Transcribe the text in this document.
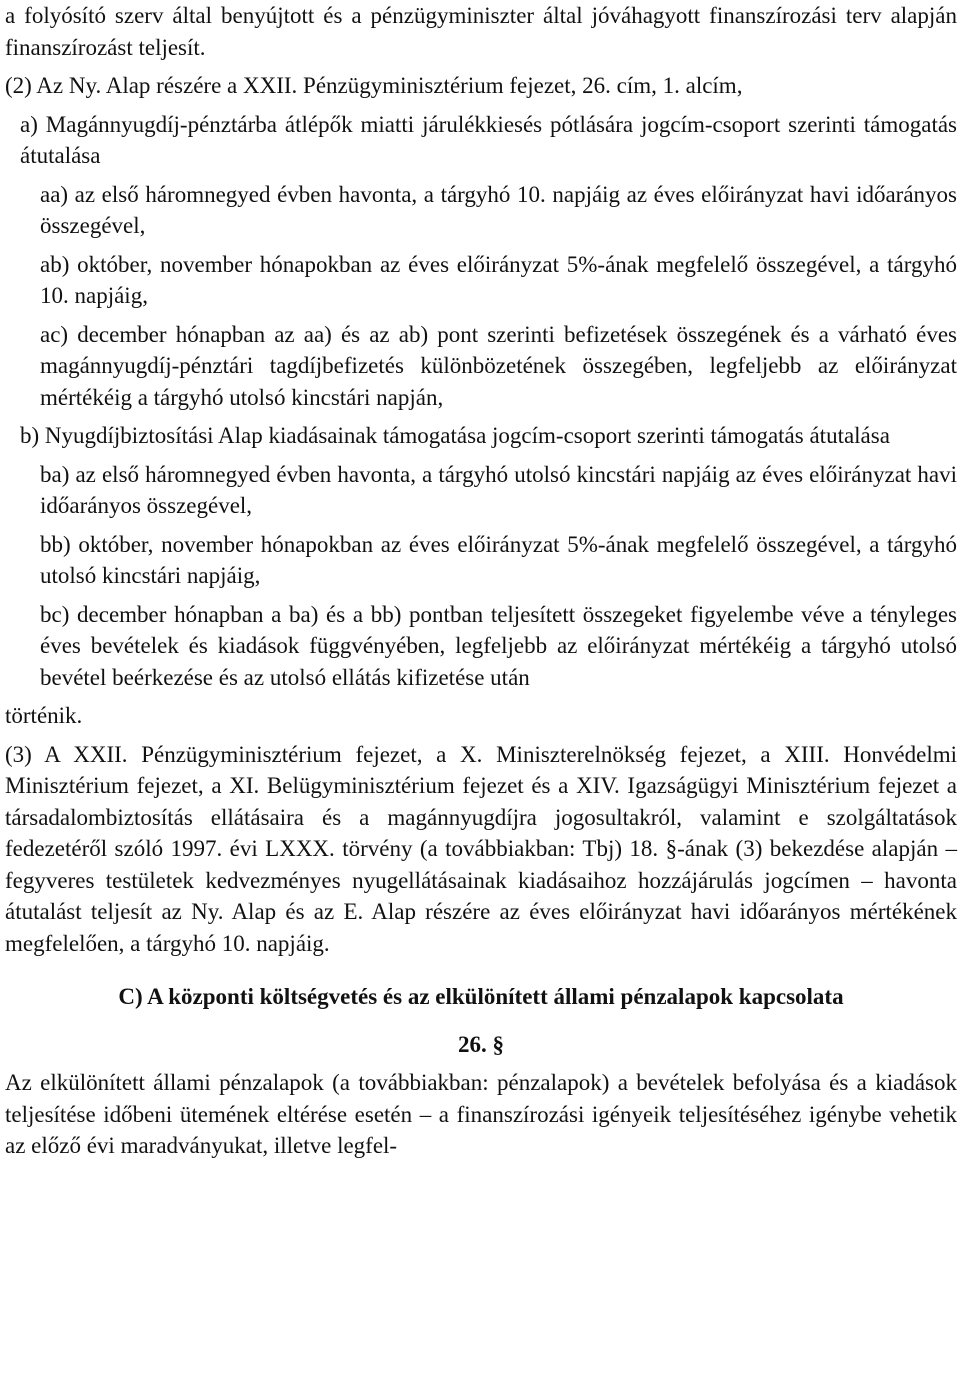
a folyósító szerv által benyújtott és a pénzügyminiszter által jóváhagyott finanszírozási terv alapján finanszírozást teljesít.

(2) Az Ny. Alap részére a XXII. Pénzügyminisztérium fejezet, 26. cím, 1. alcím,

a) Magánnyugdíj-pénztárba átlépők miatti járulékkiesés pótlására jogcím-csoport szerinti támogatás átutalása

aa) az első háromnegyed évben havonta, a tárgyhó 10. napjáig az éves előirányzat havi időarányos összegével,

ab) október, november hónapokban az éves előirányzat 5%-ának megfelelő összegével, a tárgyhó 10. napjáig,

ac) december hónapban az aa) és az ab) pont szerinti befizetések összegének és a várható éves magánnyugdíj-pénztári tagdíjbefizetés különbözetének összegében, legfeljebb az előirányzat mértékéig a tárgyhó utolsó kincstári napján,

b) Nyugdíjbiztosítási Alap kiadásainak támogatása jogcím-csoport szerinti támogatás átutalása

ba) az első háromnegyed évben havonta, a tárgyhó utolsó kincstári napjáig az éves előirányzat havi időarányos összegével,

bb) október, november hónapokban az éves előirányzat 5%-ának megfelelő összegével, a tárgyhó utolsó kincstári napjáig,

bc) december hónapban a ba) és a bb) pontban teljesített összegeket figyelembe véve a tényleges éves bevételek és kiadások függvényében, legfeljebb az előirányzat mértékéig a tárgyhó utolsó bevétel beérkezése és az utolsó ellátás kifizetése után

történik.

(3) A XXII. Pénzügyminisztérium fejezet, a X. Miniszterelnökség fejezet, a XIII. Honvédelmi Minisztérium fejezet, a XI. Belügyminisztérium fejezet és a XIV. Igazságügyi Minisztérium fejezet a társadalombiztosítás ellátásaira és a magánnyugdíjra jogosultakról, valamint e szolgáltatások fedezetéről szóló 1997. évi LXXX. törvény (a továbbiakban: Tbj) 18. §-ának (3) bekezdése alapján – fegyveres testületek kedvezményes nyugellátásainak kiadásaihoz hozzájárulás jogcímen – havonta átutalást teljesít az Ny. Alap és az E. Alap részére az éves előirányzat havi időarányos mértékének megfelelően, a tárgyhó 10. napjáig.

C) A központi költségvetés és az elkülönített állami pénzalapok kapcsolata

26. §

Az elkülönített állami pénzalapok (a továbbiakban: pénzalapok) a bevételek befolyása és a kiadások teljesítése időbeni ütemének eltérése esetén – a finanszírozási igényeik teljesítéséhez igénybe vehetik az előző évi maradványukat, illetve legfel-
